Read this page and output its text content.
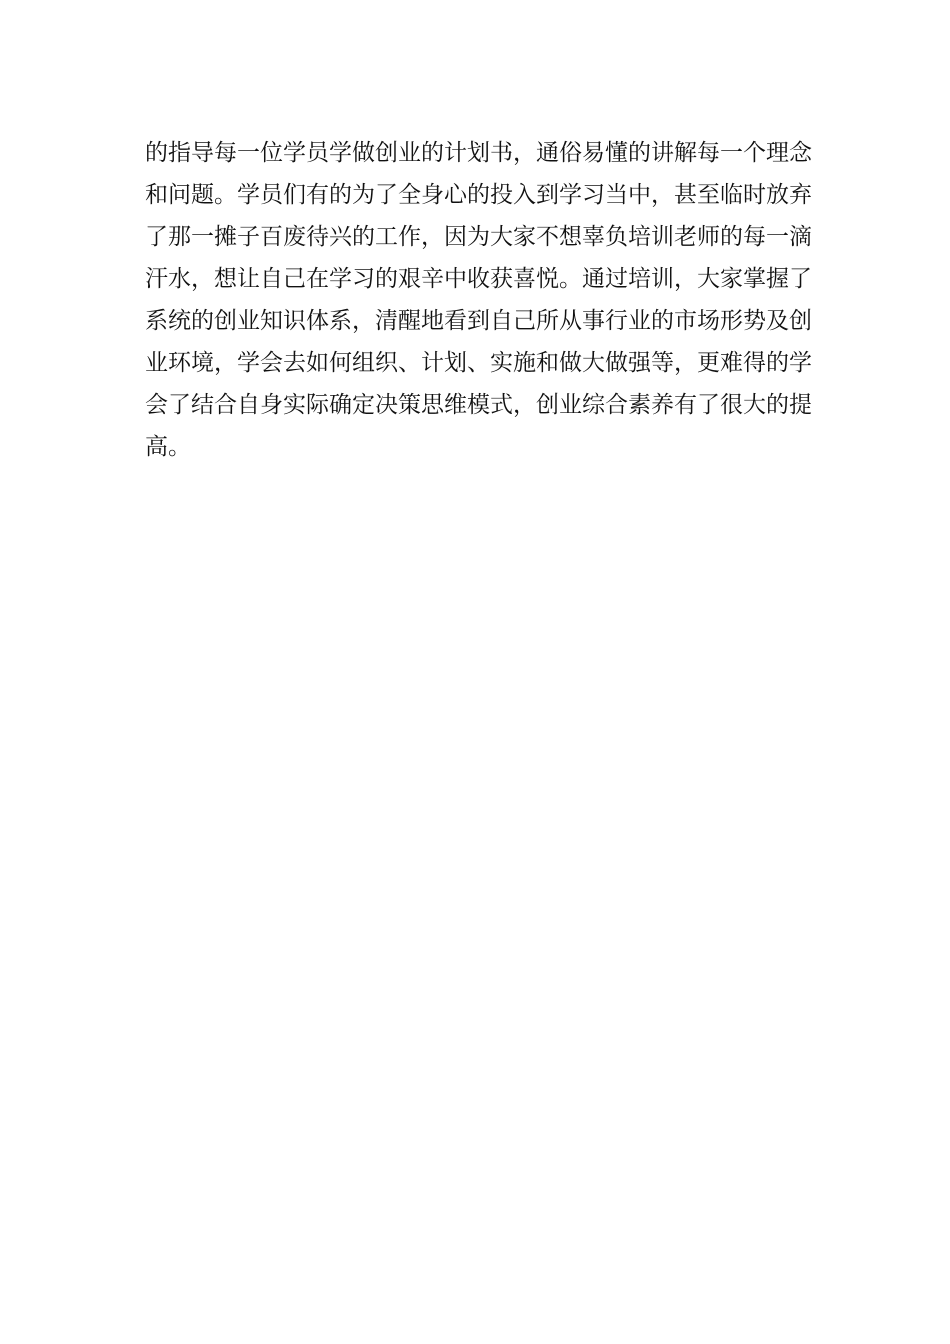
的指导每一位学员学做创业的计划书，通俗易懂的讲解每一个理念
和问题。学员们有的为了全身心的投入到学习当中，甚至临时放弃
了那一摊子百废待兴的工作，因为大家不想辜负培训老师的每一滴
汗水，想让自己在学习的艰辛中收获喜悦。通过培训，大家掌握了
系统的创业知识体系，清醒地看到自己所从事行业的市场形势及创
业环境，学会去如何组织、计划、实施和做大做强等，更难得的学
会了结合自身实际确定决策思维模式，创业综合素养有了很大的提
高。
